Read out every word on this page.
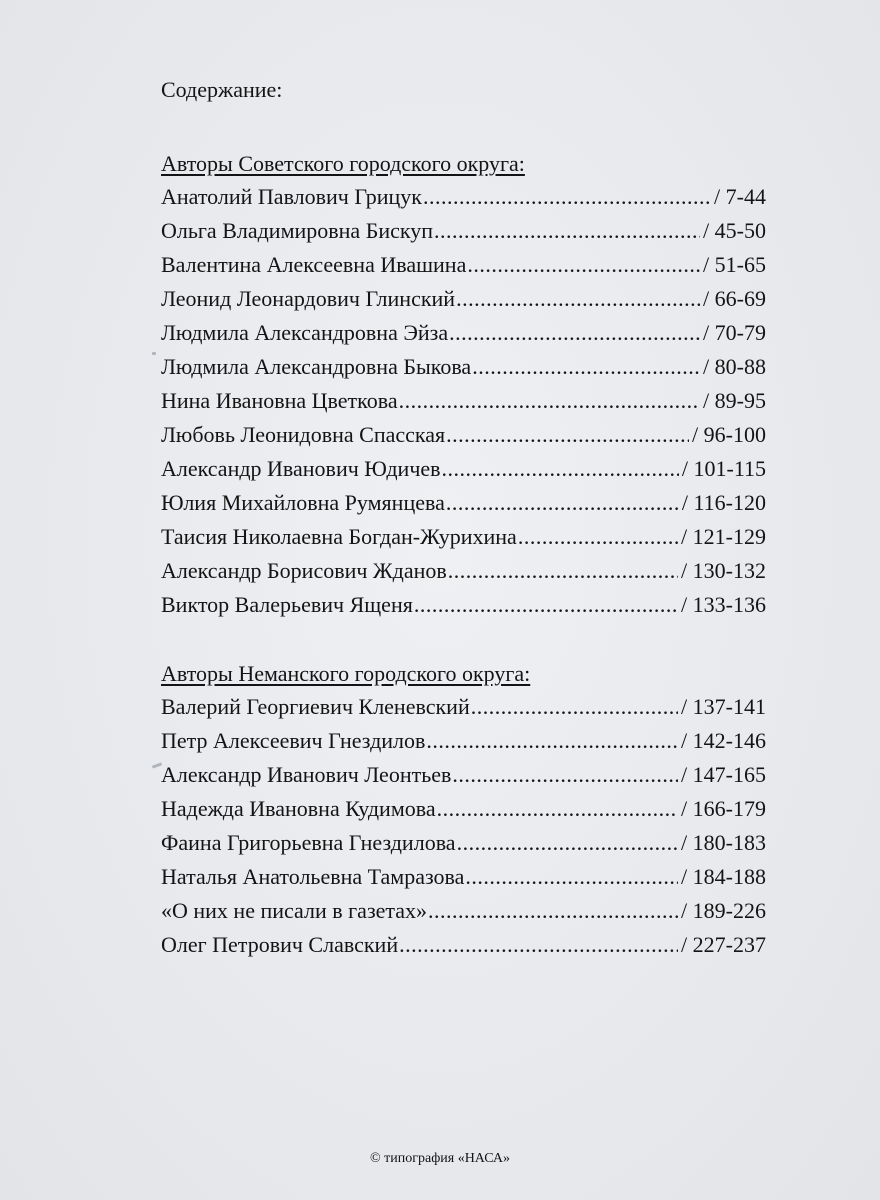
Содержание:
Авторы Советского городского округа:
Анатолий Павлович Грицук .....	/ 7-44
Ольга Владимировна Бискуп .....	/ 45-50
Валентина Алексеевна Ивашина .....	/ 51-65
Леонид Леонардович Глинский .....	/ 66-69
Людмила Александровна Эйза .....	/ 70-79
Людмила Александровна Быкова .....	/ 80-88
Нина Ивановна Цветкова .....	/ 89-95
Любовь Леонидовна Спасская .....	/ 96-100
Александр Иванович Юдичев .....	/ 101-115
Юлия Михайловна Румянцева .....	/ 116-120
Таисия Николаевна Богдан-Журихина .....	/ 121-129
Александр Борисович Жданов .....	/ 130-132
Виктор Валерьевич Ященя .....	/ 133-136
Авторы Неманского городского округа:
Валерий Георгиевич Кленевский .....	/ 137-141
Петр Алексеевич Гнездилов .....	/ 142-146
Александр Иванович Леонтьев .....	/ 147-165
Надежда Ивановна Кудимова .....	/ 166-179
Фаина Григорьевна Гнездилова .....	/ 180-183
Наталья Анатольевна Тамразова .....	/ 184-188
«О них не писали в газетах» .....	/ 189-226
Олег Петрович Славский .....	/ 227-237
© типография «НАСА»
